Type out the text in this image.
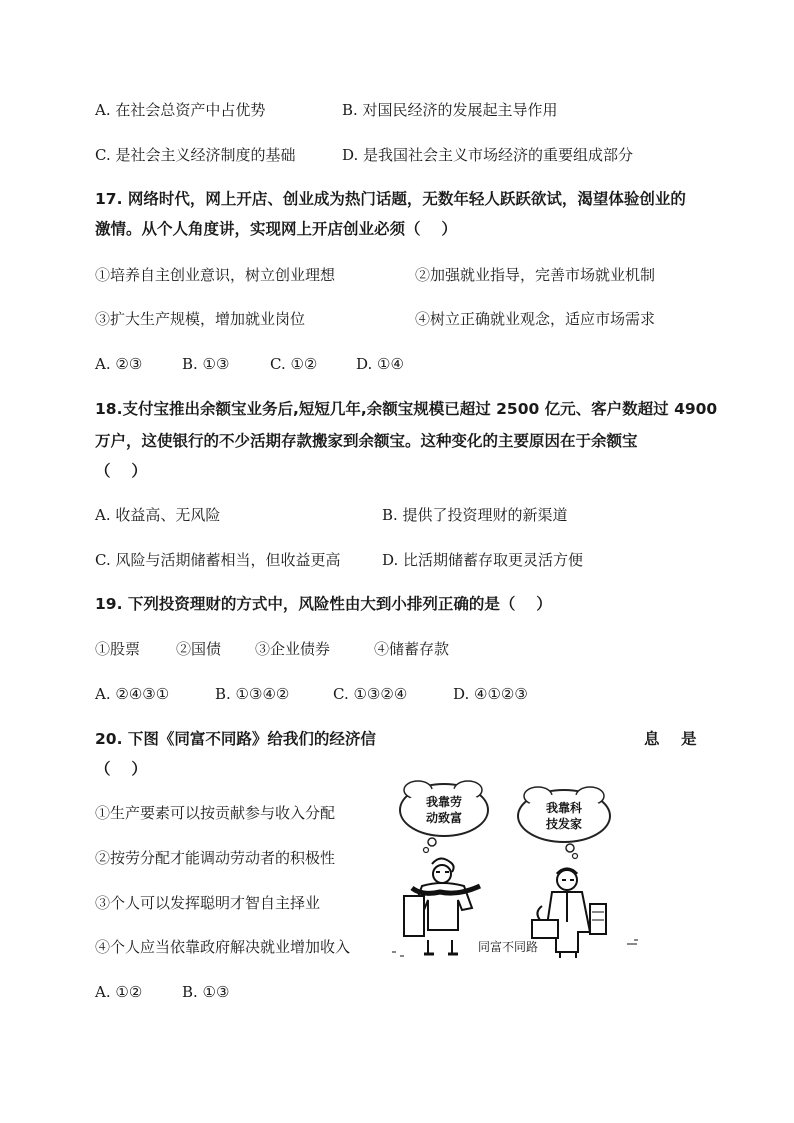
A. 在社会总资产中占优势	B. 对国民经济的发展起主导作用
C. 是社会主义经济制度的基础	D. 是我国社会主义市场经济的重要组成部分
17. 网络时代，网上开店、创业成为热门话题，无数年轻人跃跃欲试，渴望体验创业的
激情。从个人角度讲，实现网上开店创业必须（　 ）
①培养自主创业意识，树立创业理想	②加强就业指导，完善市场就业机制
③扩大生产规模，增加就业岗位	④树立正确就业观念，适应市场需求
A. ②③	B. ①③	C. ①②	D. ①④
18.支付宝推出余额宝业务后,短短几年,余额宝规模已超过 2500 亿元、客户数超过 4900
万户，这使银行的不少活期存款搬家到余额宝。这种变化的主要原因在于余额宝
（　 ）
A. 收益高、无风险	B. 提供了投资理财的新渠道
C. 风险与活期储蓄相当，但收益更高	D. 比活期储蓄存取更灵活方便
19. 下列投资理财的方式中，风险性由大到小排列正确的是（　 ）
①股票 ②国债 ③企业债券	④储蓄存款
A. ②④③①	B. ①③④②	C. ①③②④	D. ④①②③
20. 下图《同富不同路》给我们的经济信	息 是
（　 ）
①生产要素可以按贡献参与收入分配
②按劳分配才能调动劳动者的积极性
③个人可以发挥聪明才智自主择业
④个人应当依靠政府解决就业增加收入
A. ①②	B. ①③
我靠劳
动致富
我靠科
技发家
同富不同路
